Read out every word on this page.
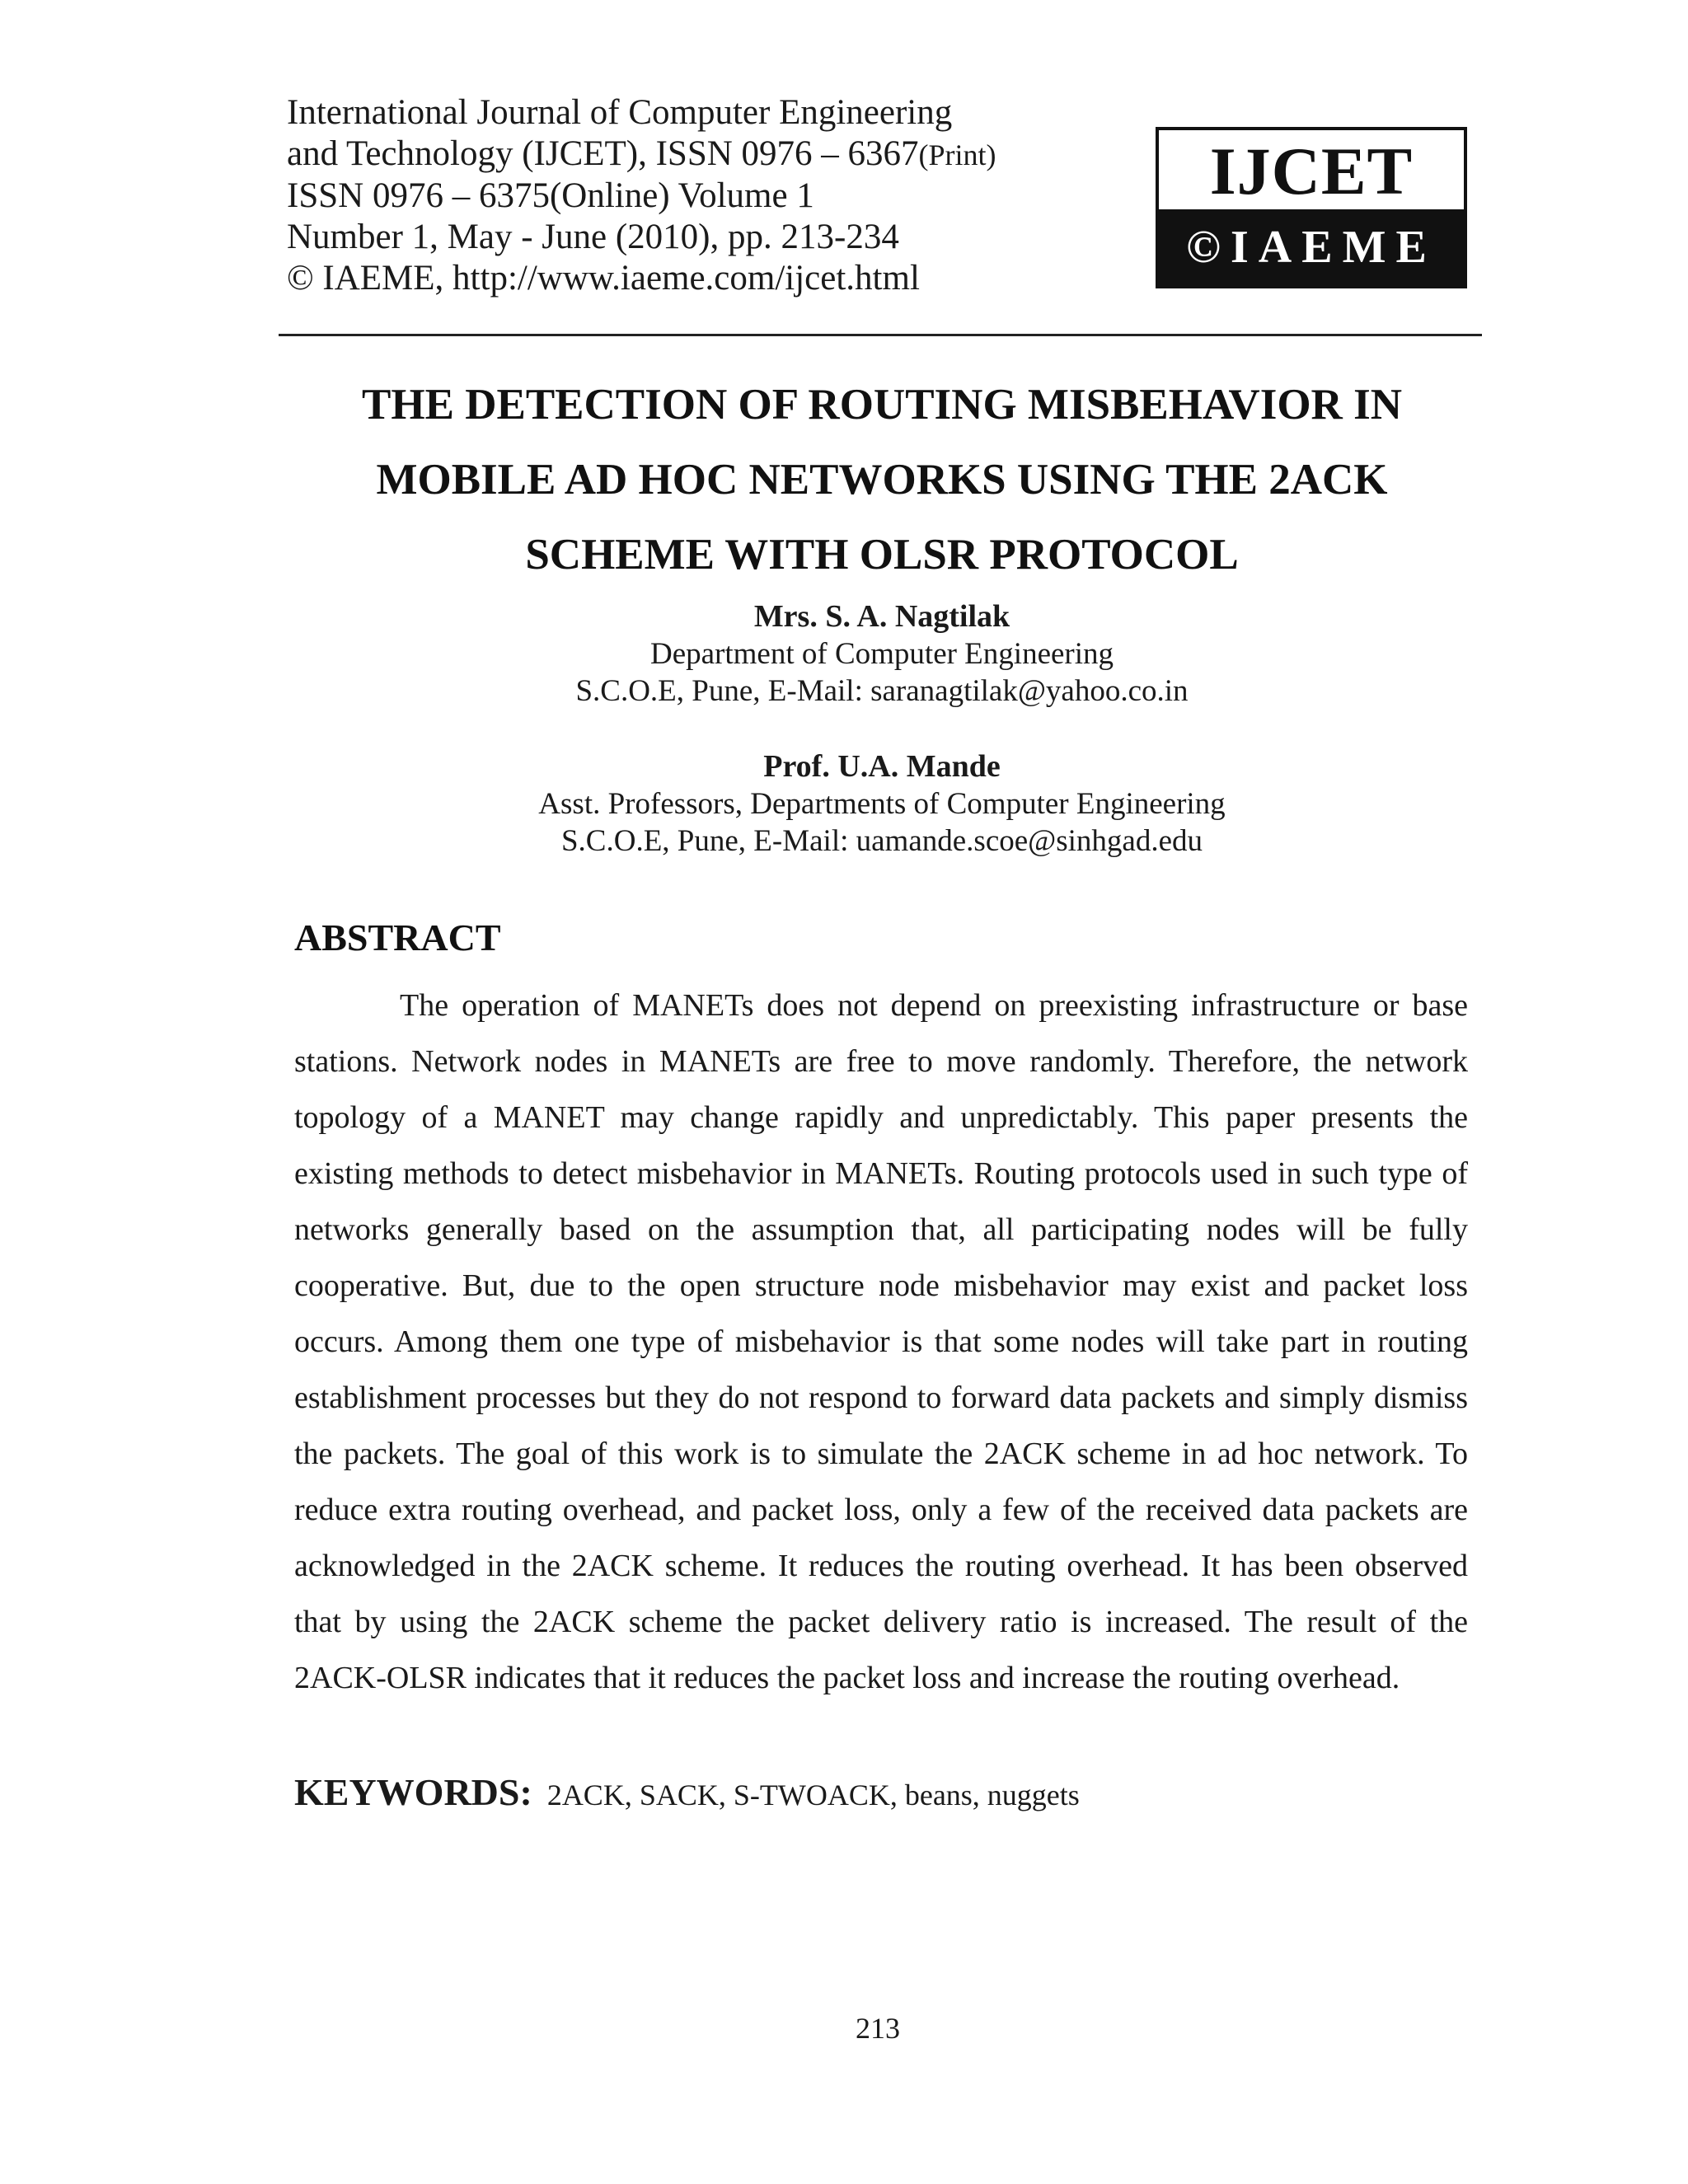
International Journal of Computer Engineering
and Technology (IJCET), ISSN 0976 – 6367(Print)
ISSN 0976 – 6375(Online) Volume 1
Number 1, May - June (2010), pp. 213-234
© IAEME, http://www.iaeme.com/ijcet.html
IJCET
©IAEME
THE DETECTION OF ROUTING MISBEHAVIOR IN
MOBILE AD HOC NETWORKS USING THE 2ACK
SCHEME WITH OLSR PROTOCOL
Mrs. S. A. Nagtilak
Department of Computer Engineering
S.C.O.E, Pune, E-Mail: saranagtilak@yahoo.co.in
Prof. U.A. Mande
Asst. Professors, Departments of Computer Engineering
S.C.O.E, Pune, E-Mail: uamande.scoe@sinhgad.edu
ABSTRACT
The operation of MANETs does not depend on preexisting infrastructure or base stations. Network nodes in MANETs are free to move randomly. Therefore, the network topology of a MANET may change rapidly and unpredictably. This paper presents the existing methods to detect misbehavior in MANETs. Routing protocols used in such type of networks generally based on the assumption that, all participating nodes will be fully cooperative. But, due to the open structure node misbehavior may exist and packet loss occurs. Among them one type of misbehavior is that some nodes will take part in routing establishment processes but they do not respond to forward data packets and simply dismiss the packets. The goal of this work is to simulate the 2ACK scheme in ad hoc network. To reduce extra routing overhead, and packet loss, only a few of the received data packets are acknowledged in the 2ACK scheme. It reduces the routing overhead. It has been observed that by using the 2ACK scheme the packet delivery ratio is increased. The result of the 2ACK-OLSR indicates that it reduces the packet loss and increase the routing overhead.
KEYWORDS: 2ACK, SACK, S-TWOACK, beans, nuggets
213
